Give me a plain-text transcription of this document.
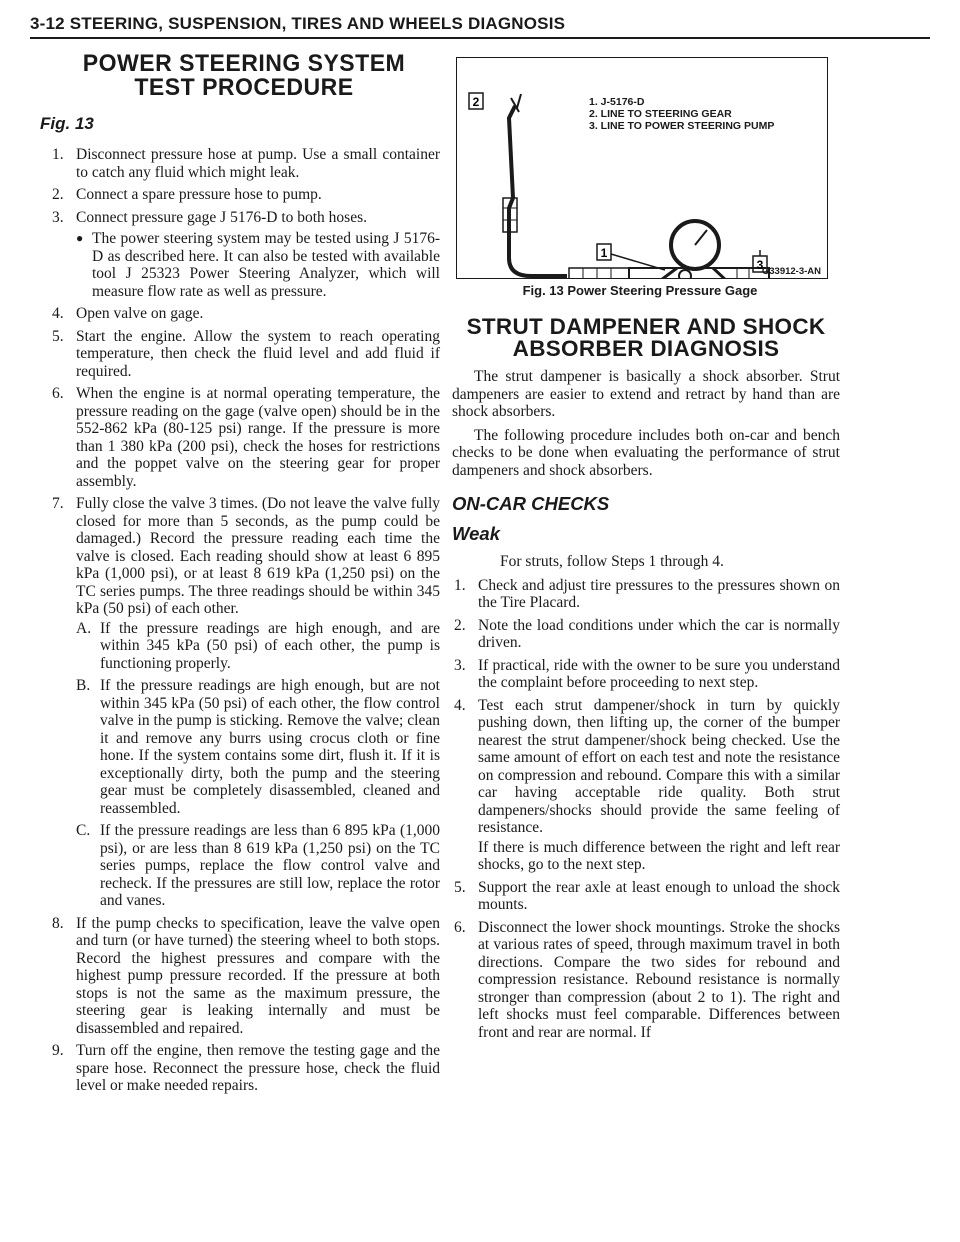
3-12 STEERING, SUSPENSION, TIRES AND WHEELS DIAGNOSIS
POWER STEERING SYSTEM TEST PROCEDURE
Fig. 13
1. Disconnect pressure hose at pump. Use a small container to catch any fluid which might leak.
2. Connect a spare pressure hose to pump.
3. Connect pressure gage J 5176-D to both hoses.
● The power steering system may be tested using J 5176-D as described here. It can also be tested with available tool J 25323 Power Steering Analyzer, which will measure flow rate as well as pressure.
4. Open valve on gage.
5. Start the engine. Allow the system to reach operating temperature, then check the fluid level and add fluid if required.
6. When the engine is at normal operating temperature, the pressure reading on the gage (valve open) should be in the 552-862 kPa (80-125 psi) range. If the pressure is more than 1 380 kPa (200 psi), check the hoses for restrictions and the poppet valve on the steering gear for proper assembly.
7. Fully close the valve 3 times. (Do not leave the valve fully closed for more than 5 seconds, as the pump could be damaged.) Record the pressure reading each time the valve is closed. Each reading should show at least 6 895 kPa (1,000 psi), or at least 8 619 kPa (1,250 psi) on the TC series pumps. The three readings should be within 345 kPa (50 psi) of each other.
A. If the pressure readings are high enough, and are within 345 kPa (50 psi) of each other, the pump is functioning properly.
B. If the pressure readings are high enough, but are not within 345 kPa (50 psi) of each other, the flow control valve in the pump is sticking. Remove the valve; clean it and remove any burrs using crocus cloth or fine hone. If the system contains some dirt, flush it. If it is exceptionally dirty, both the pump and the steering gear must be completely disassembled, cleaned and reassembled.
C. If the pressure readings are less than 6 895 kPa (1,000 psi), or are less than 8 619 kPa (1,250 psi) on the TC series pumps, replace the flow control valve and recheck. If the pressures are still low, replace the rotor and vanes.
8. If the pump checks to specification, leave the valve open and turn (or have turned) the steering wheel to both stops. Record the highest pressures and compare with the highest pump pressure recorded. If the pressure at both stops is not the same as the maximum pressure, the steering gear is leaking internally and must be disassembled and repaired.
9. Turn off the engine, then remove the testing gage and the spare hose. Reconnect the pressure hose, check the fluid level or make needed repairs.
2
1
3
1. J-5176-D
2. LINE TO STEERING GEAR
3. LINE TO POWER STEERING PUMP
G33912-3-AN
Fig. 13 Power Steering Pressure Gage
STRUT DAMPENER AND SHOCK ABSORBER DIAGNOSIS

The strut dampener is basically a shock absorber. Strut dampeners are easier to extend and retract by hand than are shock absorbers.

The following procedure includes both on-car and bench checks to be done when evaluating the performance of strut dampeners and shock absorbers.

ON-CAR CHECKS
Weak

For struts, follow Steps 1 through 4.

1. Check and adjust tire pressures to the pressures shown on the Tire Placard.
2. Note the load conditions under which the car is normally driven.
3. If practical, ride with the owner to be sure you understand the complaint before proceeding to next step.
4. Test each strut dampener/shock in turn by quickly pushing down, then lifting up, the corner of the bumper nearest the strut dampener/shock being checked. Use the same amount of effort on each test and note the resistance on compression and rebound. Compare this with a similar car having acceptable ride quality. Both strut dampeners/shocks should provide the same feeling of resistance.

If there is much difference between the right and left rear shocks, go to the next step.

5. Support the rear axle at least enough to unload the shock mounts.
6. Disconnect the lower shock mountings. Stroke the shocks at various rates of speed, through maximum travel in both directions. Compare the two sides for rebound and compression resistance. Rebound resistance is normally stronger than compression (about 2 to 1). The right and left shocks must feel comparable. Differences between front and rear are normal. If
